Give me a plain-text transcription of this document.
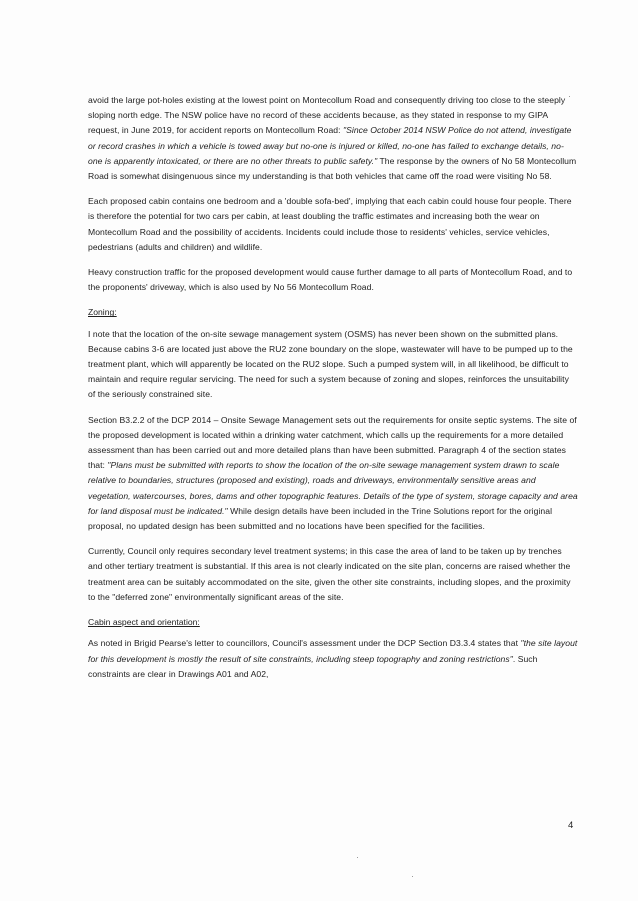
avoid the large pot-holes existing at the lowest point on Montecollum Road and consequently driving too close to the steeply sloping north edge. The NSW police have no record of these accidents because, as they stated in response to my GIPA request, in June 2019, for accident reports on Montecollum Road: "Since October 2014 NSW Police do not attend, investigate or record crashes in which a vehicle is towed away but no-one is injured or killed, no-one has failed to exchange details, no-one is apparently intoxicated, or there are no other threats to public safety." The response by the owners of No 58 Montecollum Road is somewhat disingenuous since my understanding is that both vehicles that came off the road were visiting No 58.

Each proposed cabin contains one bedroom and a 'double sofa-bed', implying that each cabin could house four people. There is therefore the potential for two cars per cabin, at least doubling the traffic estimates and increasing both the wear on Montecollum Road and the possibility of accidents. Incidents could include those to residents' vehicles, service vehicles, pedestrians (adults and children) and wildlife.

Heavy construction traffic for the proposed development would cause further damage to all parts of Montecollum Road, and to the proponents' driveway, which is also used by No 56 Montecollum Road.

Zoning:

I note that the location of the on-site sewage management system (OSMS) has never been shown on the submitted plans. Because cabins 3-6 are located just above the RU2 zone boundary on the slope, wastewater will have to be pumped up to the treatment plant, which will apparently be located on the RU2 slope. Such a pumped system will, in all likelihood, be difficult to maintain and require regular servicing. The need for such a system because of zoning and slopes, reinforces the unsuitability of the seriously constrained site.

Section B3.2.2 of the DCP 2014 – Onsite Sewage Management sets out the requirements for onsite septic systems. The site of the proposed development is located within a drinking water catchment, which calls up the requirements for a more detailed assessment than has been carried out and more detailed plans than have been submitted. Paragraph 4 of the section states that: "Plans must be submitted with reports to show the location of the on-site sewage management system drawn to scale relative to boundaries, structures (proposed and existing), roads and driveways, environmentally sensitive areas and vegetation, watercourses, bores, dams and other topographic features. Details of the type of system, storage capacity and area for land disposal must be indicated." While design details have been included in the Trine Solutions report for the original proposal, no updated design has been submitted and no locations have been specified for the facilities.

Currently, Council only requires secondary level treatment systems; in this case the area of land to be taken up by trenches and other tertiary treatment is substantial. If this area is not clearly indicated on the site plan, concerns are raised whether the treatment area can be suitably accommodated on the site, given the other site constraints, including slopes, and the proximity to the "deferred zone" environmentally significant areas of the site.

Cabin aspect and orientation:

As noted in Brigid Pearse's letter to councillors, Council's assessment under the DCP Section D3.3.4 states that "the site layout for this development is mostly the result of site constraints, including steep topography and zoning restrictions". Such constraints are clear in Drawings A01 and A02,

4
